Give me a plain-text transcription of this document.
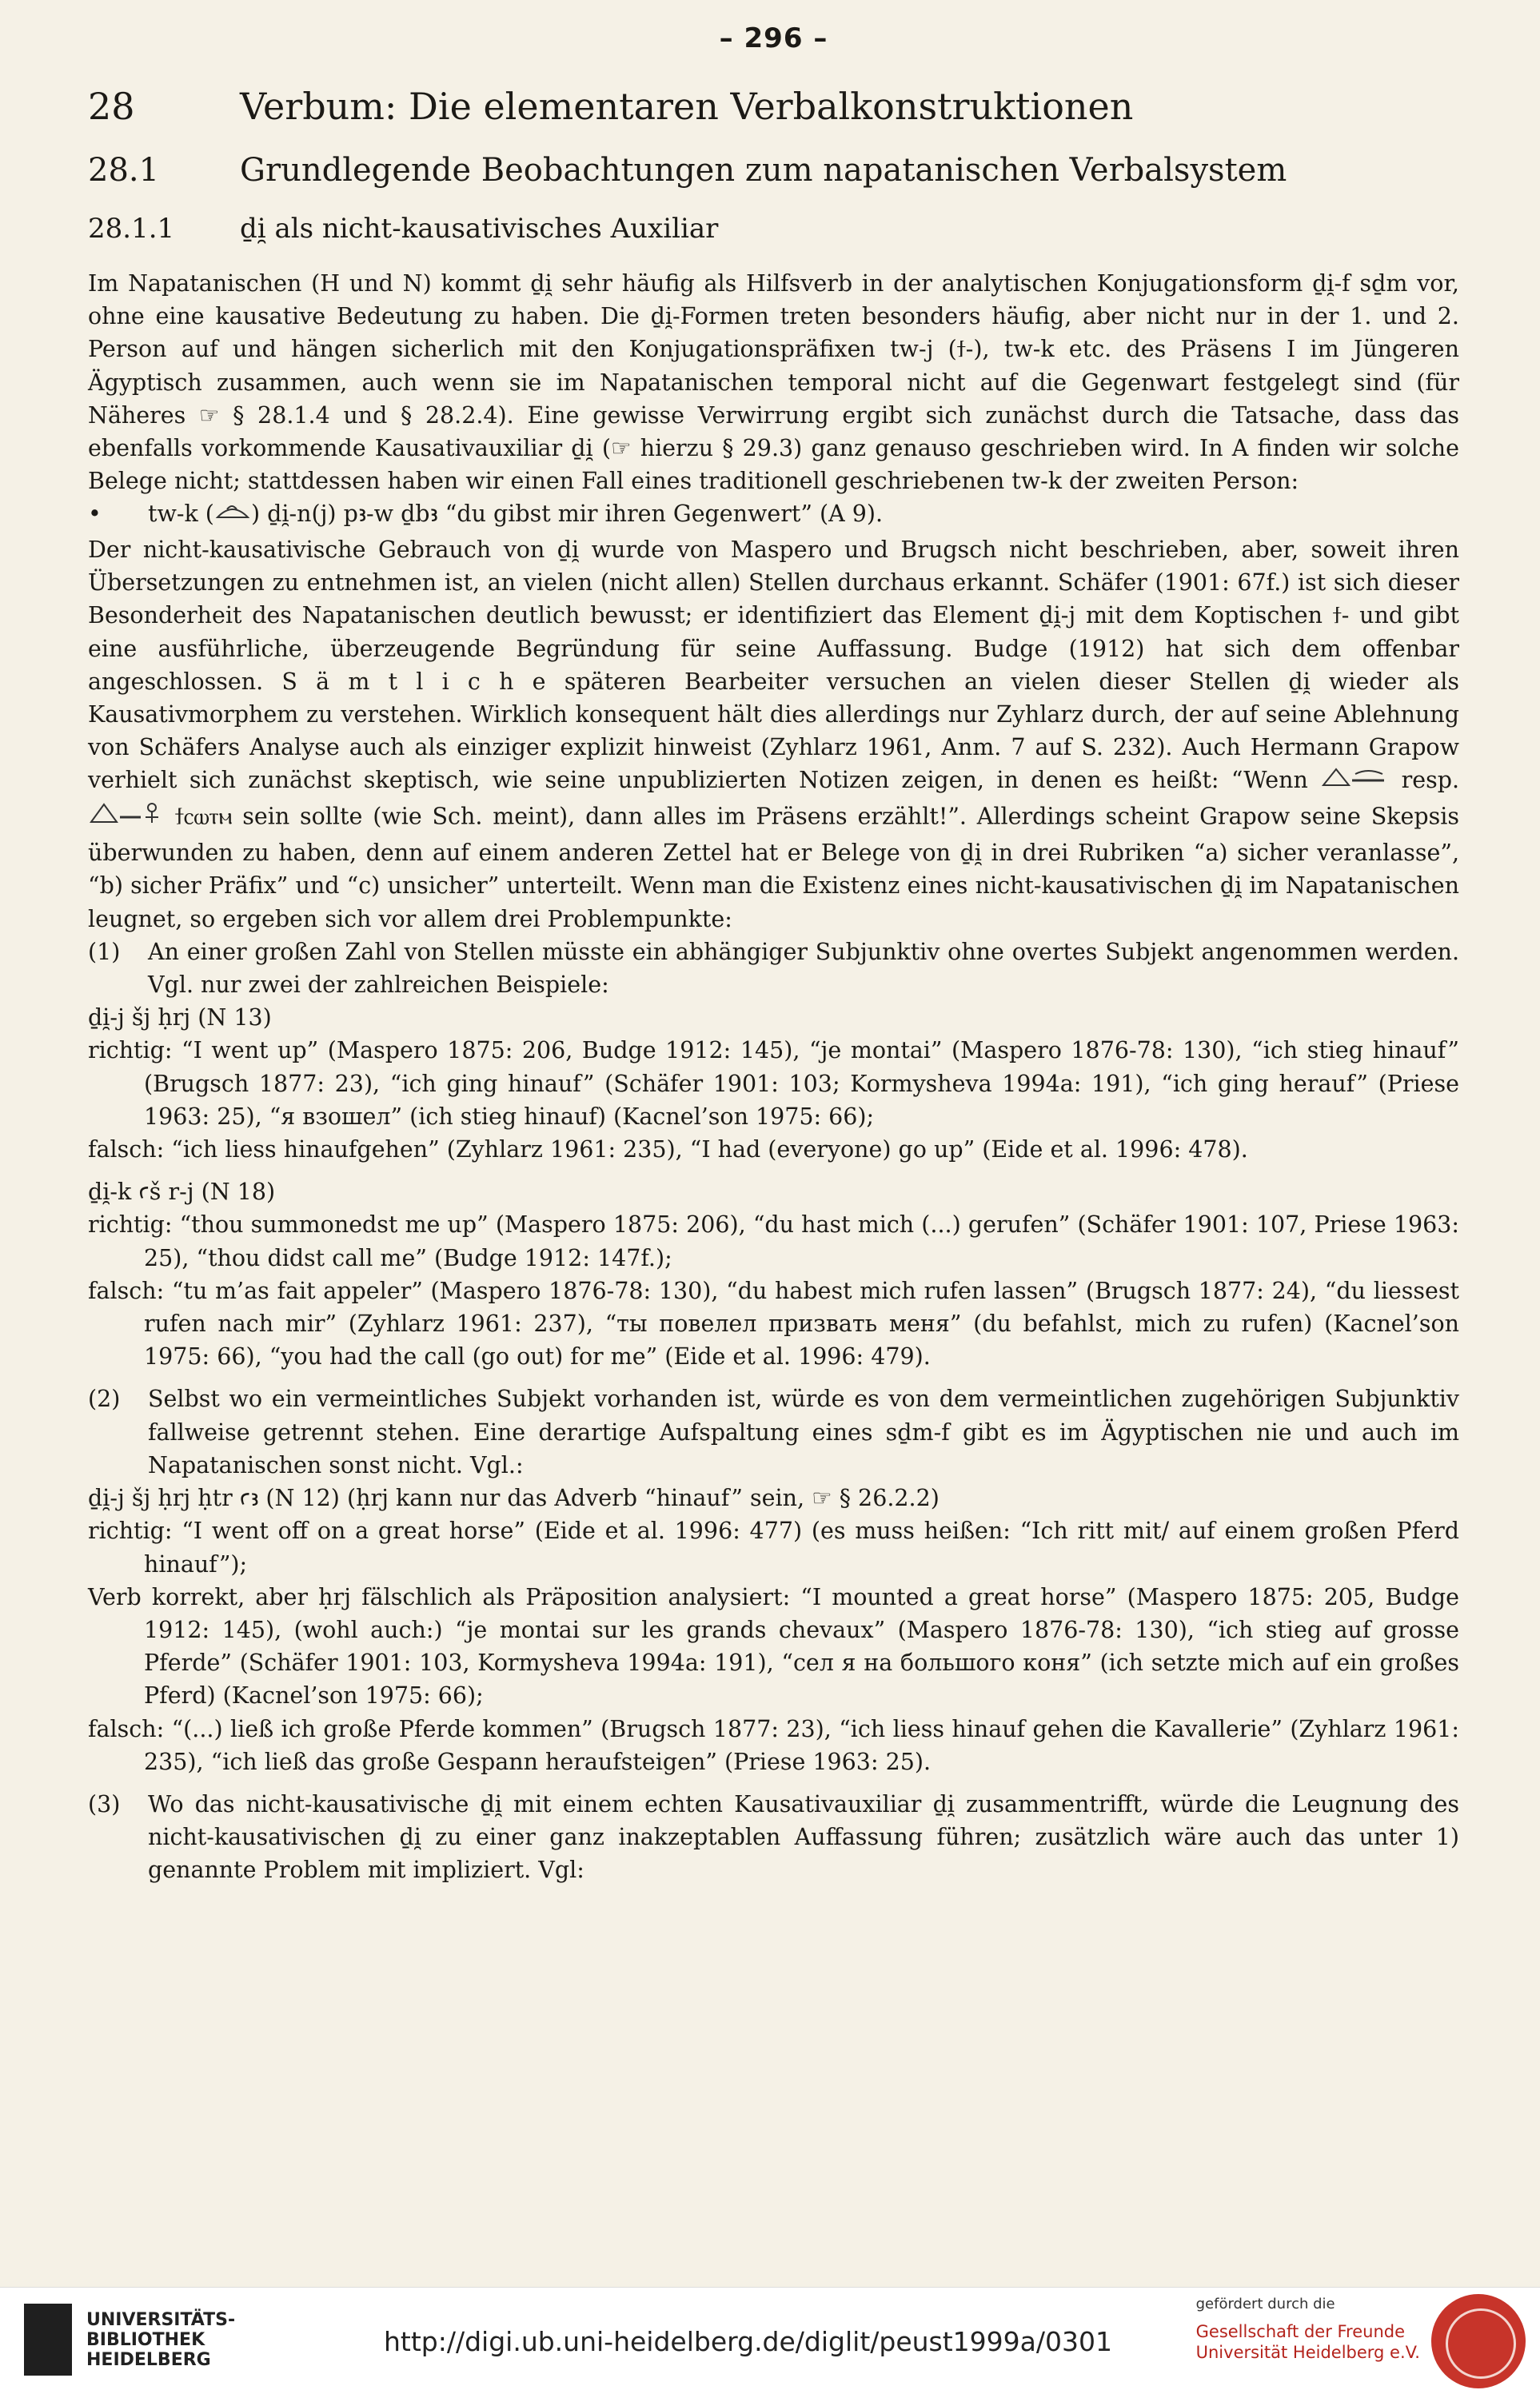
– 296 –
28	Verbum: Die elementaren Verbalkonstruktionen
28.1	Grundlegende Beobachtungen zum napatanischen Verbalsystem
28.1.1	ḏi̯ als nicht-kausativisches Auxiliar

Im Napatanischen (H und N) kommt ḏi̯ sehr häufig als Hilfsverb in der analytischen Konjugationsform ḏi̯-f sḏm vor, ohne eine kausative Bedeutung zu haben. Die ḏi̯-Formen treten besonders häufig, aber nicht nur in der 1. und 2. Person auf und hängen sicherlich mit den Konjugationspräfixen tw-j (ϯ-), tw-k etc. des Präsens I im Jüngeren Ägyptisch zusammen, auch wenn sie im Napatanischen temporal nicht auf die Gegenwart festgelegt sind (für Näheres ☞ § 28.1.4 und § 28.2.4). Eine gewisse Verwirrung ergibt sich zunächst durch die Tatsache, dass das ebenfalls vorkommende Kausativauxiliar ḏi̯ (☞ hierzu § 29.3) ganz genauso geschrieben wird. In A finden wir solche Belege nicht; stattdessen haben wir einen Fall eines traditionell geschriebenen tw-k der zweiten Person:

•	tw-k ( ) ḏi̯-n(j) pꜣ-w ḏbꜣ “du gibst mir ihren Gegenwert” (A 9).

Der nicht-kausativische Gebrauch von ḏi̯ wurde von Maspero und Brugsch nicht beschrieben, aber, soweit ihren Übersetzungen zu entnehmen ist, an vielen (nicht allen) Stellen durchaus erkannt. Schäfer (1901: 67f.) ist sich dieser Besonderheit des Napatanischen deutlich bewusst; er identifiziert das Element ḏi̯-j mit dem Koptischen ϯ- und gibt eine ausführliche, überzeugende Begründung für seine Auffassung. Budge (1912) hat sich dem offenbar angeschlossen. S ä m t l i c h e späteren Bearbeiter versuchen an vielen dieser Stellen ḏi̯ wieder als Kausativmorphem zu verstehen. Wirklich konsequent hält dies allerdings nur Zyhlarz durch, der auf seine Ablehnung von Schäfers Analyse auch als einziger explizit hinweist (Zyhlarz 1961, Anm. 7 auf S. 232). Auch Hermann Grapow verhielt sich zunächst skeptisch, wie seine unpublizierten Notizen zeigen, in denen es heißt: “Wenn	resp.  ϯⲥⲱⲧⲙ sein sollte (wie Sch. meint), dann alles im Präsens erzählt!”. Allerdings scheint Grapow seine Skepsis überwunden zu haben, denn auf einem anderen Zettel hat er Belege von ḏi̯ in drei Rubriken “a) sicher veranlasse”, “b) sicher Präfix” und “c) unsicher” unterteilt. Wenn man die Existenz eines nicht-kausativischen ḏi̯ im Napatanischen leugnet, so ergeben sich vor allem drei Problempunkte:

(1)	An einer großen Zahl von Stellen müsste ein abhängiger Subjunktiv ohne overtes Subjekt angenommen werden. Vgl. nur zwei der zahlreichen Beispiele:

ḏi̯-j šj ḥrj (N 13)

richtig: “I went up” (Maspero 1875: 206, Budge 1912: 145), “je montai” (Maspero 1876-78: 130), “ich stieg hinauf” (Brugsch 1877: 23), “ich ging hinauf” (Schäfer 1901: 103; Kormysheva 1994a: 191), “ich ging herauf” (Priese 1963: 25), “я взошел” (ich stieg hinauf) (Kacnel’son 1975: 66);

falsch: “ich liess hinaufgehen” (Zyhlarz 1961: 235), “I had (everyone) go up” (Eide et al. 1996: 478).

ḏi̯-k ꜥš r-j (N 18)

richtig: “thou summonedst me up” (Maspero 1875: 206), “du hast mich (...) gerufen” (Schäfer 1901: 107, Priese 1963: 25), “thou didst call me” (Budge 1912: 147f.);

falsch: “tu m’as fait appeler” (Maspero 1876-78: 130), “du habest mich rufen lassen” (Brugsch 1877: 24), “du liessest rufen nach mir” (Zyhlarz 1961: 237), “ты повелел призвать меня” (du befahlst, mich zu rufen) (Kacnel’son 1975: 66), “you had the call (go out) for me” (Eide et al. 1996: 479).

(2)	Selbst wo ein vermeintliches Subjekt vorhanden ist, würde es von dem vermeintlichen zugehörigen Subjunktiv fallweise getrennt stehen. Eine derartige Aufspaltung eines sḏm-f gibt es im Ägyptischen nie und auch im Napatanischen sonst nicht. Vgl.:

ḏi̯-j šj ḥrj ḥtr ꜥꜣ (N 12) (ḥrj kann nur das Adverb “hinauf” sein, ☞ § 26.2.2)

richtig: “I went off on a great horse” (Eide et al. 1996: 477) (es muss heißen: “Ich ritt mit/ auf einem großen Pferd hinauf”);

Verb korrekt, aber ḥrj fälschlich als Präposition analysiert: “I mounted a great horse” (Maspero 1875: 205, Budge 1912: 145), (wohl auch:) “je montai sur les grands chevaux” (Maspero 1876-78: 130), “ich stieg auf grosse Pferde” (Schäfer 1901: 103, Kormysheva 1994a: 191), “сел я на большого коня” (ich setzte mich auf ein großes Pferd) (Kacnel’son 1975: 66);

falsch: “(...) ließ ich große Pferde kommen” (Brugsch 1877: 23), “ich liess hinauf gehen die Kavallerie” (Zyhlarz 1961: 235), “ich ließ das große Gespann heraufsteigen” (Priese 1963: 25).

(3)	Wo das nicht-kausativische ḏi̯ mit einem echten Kausativauxiliar ḏi̯ zusammentrifft, würde die Leugnung des nicht-kausativischen ḏi̯ zu einer ganz inakzeptablen Auffassung führen; zusätzlich wäre auch das unter 1) genannte Problem mit impliziert. Vgl:
UNIVERSITÄTS-
BIBLIOTHEK
HEIDELBERG
http://digi.ub.uni-heidelberg.de/diglit/peust1999a/0301
gefördert durch die
Gesellschaft der Freunde
Universität Heidelberg e.V.
